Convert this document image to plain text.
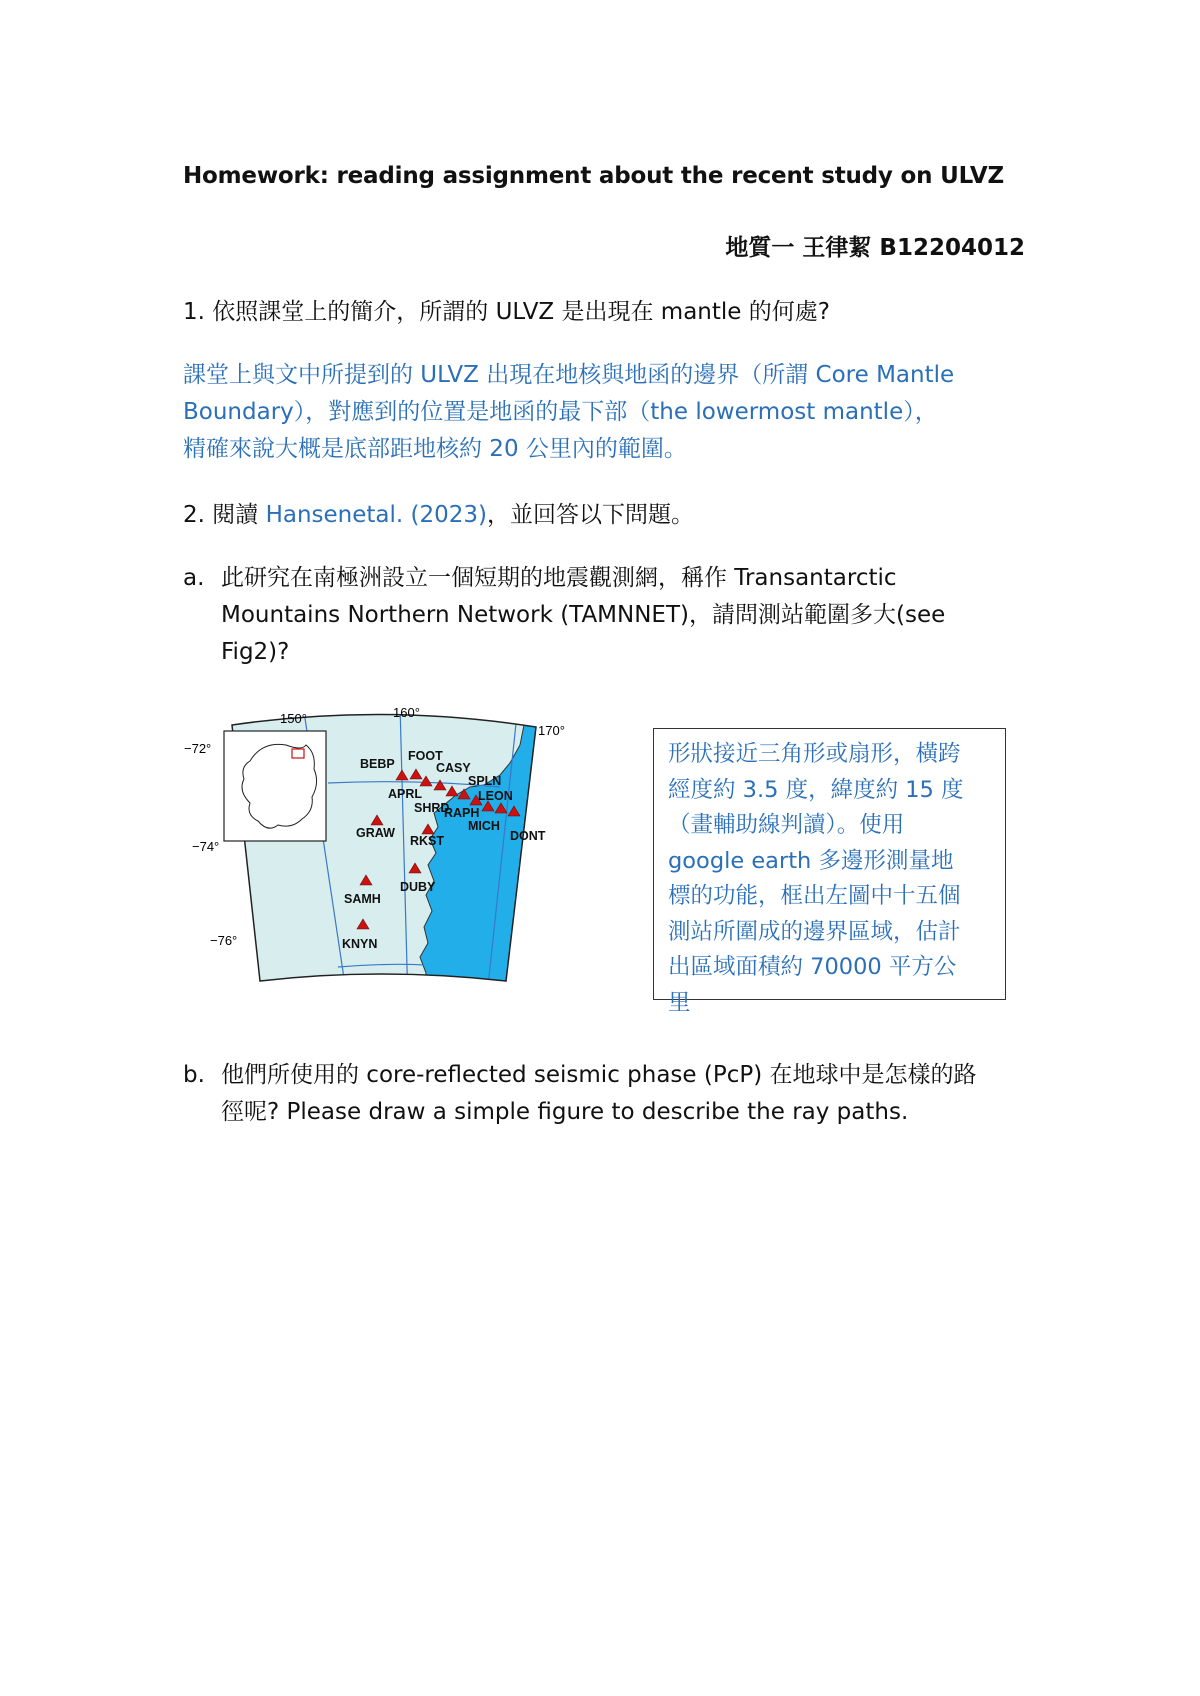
Homework: reading assignment about the recent study on ULVZ
地質一 王律絜 B12204012
1. 依照課堂上的簡介，所謂的 ULVZ 是出現在 mantle 的何處?
課堂上與文中所提到的 ULVZ 出現在地核與地函的邊界（所謂 Core Mantle
Boundary），對應到的位置是地函的最下部（the lowermost mantle），
精確來說大概是底部距地核約 20 公里內的範圍。
2. 閱讀 Hansenetal. (2023)，並回答以下問題。
a. 此研究在南極洲設立一個短期的地震觀測網，稱作 Transantarctic
Mountains Northern Network (TAMNNET)，請問測站範圍多大(see
Fig2)?
150°	160°
170°
−72°
−74°
−76°
BEBP
FOOT
CASY
SPLN
APRL	LEON
SHRD
RAPH
MICH
GRAW
RKST	DONT
DUBY
SAMH
KNYN
形狀接近三角形或扇形，橫跨
經度約 3.5 度，緯度約 15 度
（畫輔助線判讀）。使用
google earth 多邊形測量地
標的功能，框出左圖中十五個
測站所圍成的邊界區域，估計
出區域面積約 70000 平方公
里
b. 他們所使用的 core-reflected seismic phase (PcP) 在地球中是怎樣的路
徑呢? Please draw a simple figure to describe the ray paths.
